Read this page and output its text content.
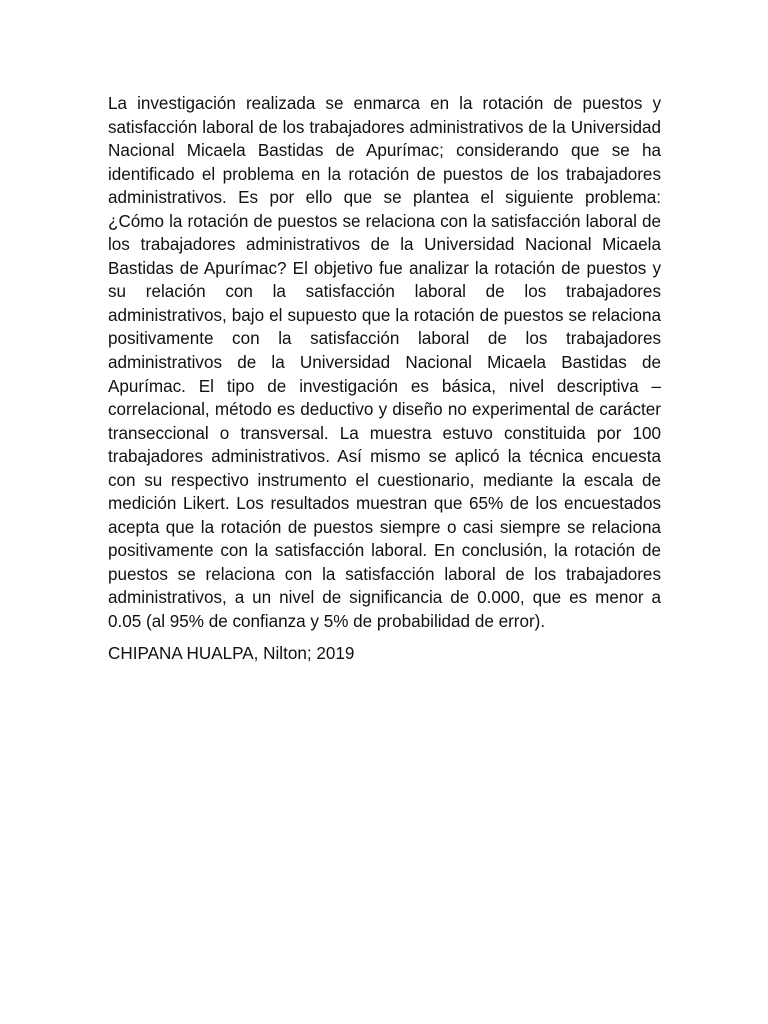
La investigación realizada se enmarca en la rotación de puestos y satisfacción laboral de los trabajadores administrativos de la Universidad Nacional Micaela Bastidas de Apurímac; considerando que se ha identificado el problema en la rotación de puestos de los trabajadores administrativos. Es por ello que se plantea el siguiente problema: ¿Cómo la rotación de puestos se relaciona con la satisfacción laboral de los trabajadores administrativos de la Universidad Nacional Micaela Bastidas de Apurímac? El objetivo fue analizar la rotación de puestos y su relación con la satisfacción laboral de los trabajadores administrativos, bajo el supuesto que la rotación de puestos se relaciona positivamente con la satisfacción laboral de los trabajadores administrativos de la Universidad Nacional Micaela Bastidas de Apurímac. El tipo de investigación es básica, nivel descriptiva – correlacional, método es deductivo y diseño no experimental de carácter transeccional o transversal. La muestra estuvo constituida por 100 trabajadores administrativos. Así mismo se aplicó la técnica encuesta con su respectivo instrumento el cuestionario, mediante la escala de medición Likert. Los resultados muestran que 65% de los encuestados acepta que la rotación de puestos siempre o casi siempre se relaciona positivamente con la satisfacción laboral. En conclusión, la rotación de puestos se relaciona con la satisfacción laboral de los trabajadores administrativos, a un nivel de significancia de 0.000, que es menor a 0.05 (al 95% de confianza y 5% de probabilidad de error).

CHIPANA HUALPA, Nilton; 2019
